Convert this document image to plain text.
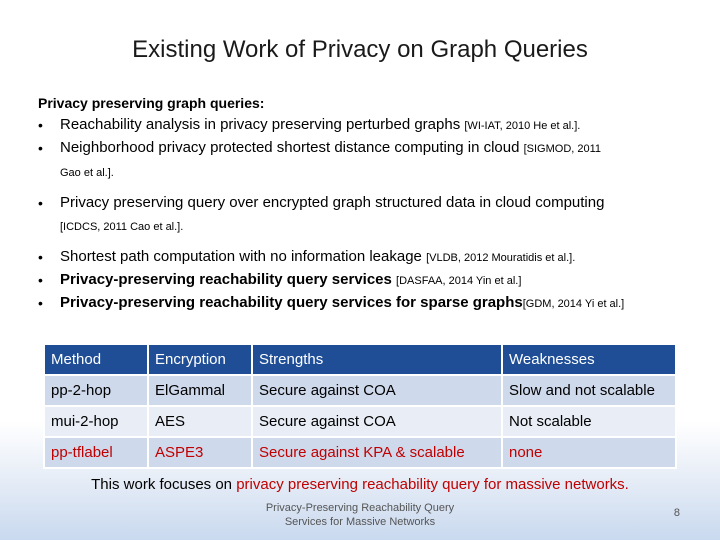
Existing Work of Privacy on Graph Queries
Privacy preserving graph queries:
•	Reachability analysis in privacy preserving perturbed graphs [WI-IAT, 2010 He et al.].
•	Neighborhood privacy protected shortest distance computing in cloud [SIGMOD, 2011
Gao et al.].
•	Privacy preserving query over encrypted graph structured data in cloud computing
[ICDCS, 2011 Cao et al.].
•	Shortest path computation with no information leakage [VLDB, 2012 Mouratidis et al.].
•	Privacy-preserving reachability query services [DASFAA, 2014 Yin et al.]
•	Privacy-preserving reachability query services for sparse graphs[GDM, 2014 Yi et al.]
Method	Encryption	Strengths	Weaknesses
pp-2-hop	ElGammal	Secure against COA	Slow and not scalable
mui-2-hop	AES	Secure against COA	Not scalable
pp-tflabel	ASPE3	Secure against KPA & scalable	none
This work focuses on privacy preserving reachability query for massive networks.
Privacy-Preserving Reachability Query
Services for Massive Networks
8
